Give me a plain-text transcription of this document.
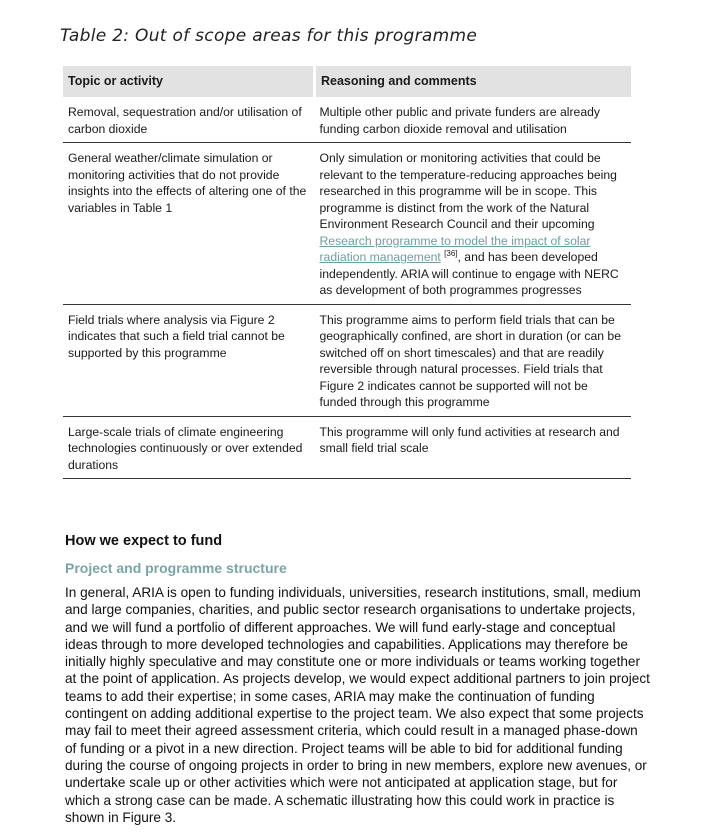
Table 2: Out of scope areas for this programme
Topic or activity	Reasoning and comments
Removal, sequestration and/or utilisation of carbon dioxide	Multiple other public and private funders are already funding carbon dioxide removal and utilisation
General weather/climate simulation or monitoring activities that do not provide insights into the effects of altering one of the variables in Table 1	Only simulation or monitoring activities that could be relevant to the temperature-reducing approaches being researched in this programme will be in scope. This programme is distinct from the work of the Natural Environment Research Council and their upcoming Research programme to model the impact of solar radiation management [36], and has been developed independently. ARIA will continue to engage with NERC as development of both programmes progresses
Field trials where analysis via Figure 2 indicates that such a field trial cannot be supported by this programme	This programme aims to perform field trials that can be geographically confined, are short in duration (or can be switched off on short timescales) and that are readily reversible through natural processes. Field trials that Figure 2 indicates cannot be supported will not be funded through this programme
Large-scale trials of climate engineering technologies continuously or over extended durations	This programme will only fund activities at research and small field trial scale
How we expect to fund
Project and programme structure
In general, ARIA is open to funding individuals, universities, research institutions, small, medium and large companies, charities, and public sector research organisations to undertake projects, and we will fund a portfolio of different approaches. We will fund early-stage and conceptual ideas through to more developed technologies and capabilities. Applications may therefore be initially highly speculative and may constitute one or more individuals or teams working together at the point of application. As projects develop, we would expect additional partners to join project teams to add their expertise; in some cases, ARIA may make the continuation of funding contingent on adding additional expertise to the project team. We also expect that some projects may fail to meet their agreed assessment criteria, which could result in a managed phase-down of funding or a pivot in a new direction. Project teams will be able to bid for additional funding during the course of ongoing projects in order to bring in new members, explore new avenues, or undertake scale up or other activities which were not anticipated at application stage, but for which a strong case can be made. A schematic illustrating how this could work in practice is shown in Figure 3.
